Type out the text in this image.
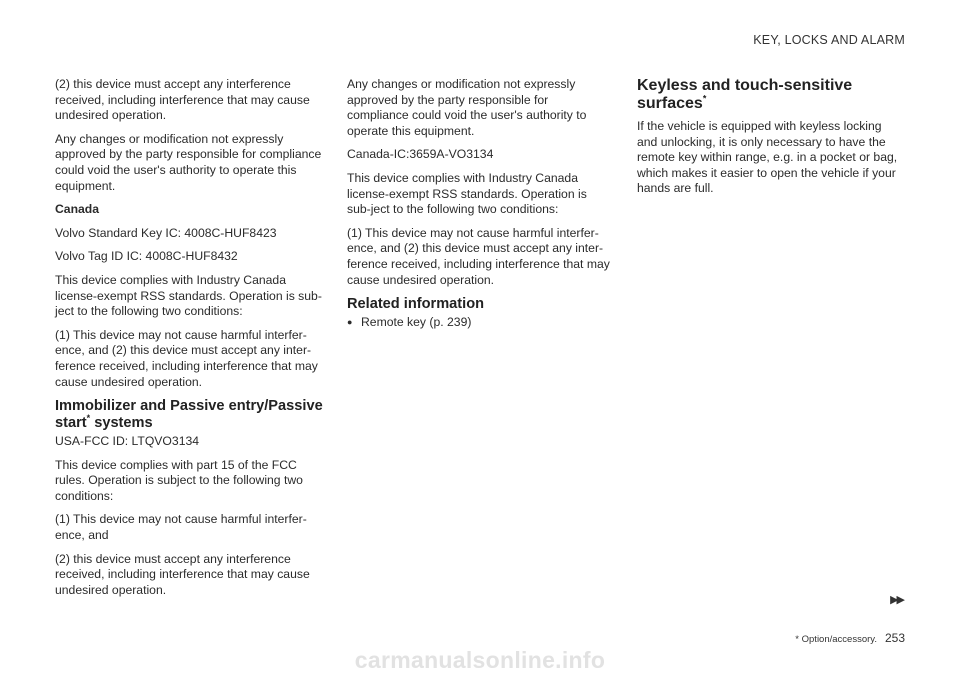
KEY, LOCKS AND ALARM

(2) this device must accept any interference received, including interference that may cause undesired operation.

Any changes or modification not expressly approved by the party responsible for compliance could void the user's authority to operate this equipment.

Canada

Volvo Standard Key IC: 4008C-HUF8423

Volvo Tag ID IC: 4008C-HUF8432

This device complies with Industry Canada license-exempt RSS standards. Operation is sub-ject to the following two conditions:

(1) This device may not cause harmful interfer-ence, and (2) this device must accept any inter-ference received, including interference that may cause undesired operation.

Immobilizer and Passive entry/Passive start* systems

USA-FCC ID: LTQVO3134

This device complies with part 15 of the FCC rules. Operation is subject to the following two conditions:

(1) This device may not cause harmful interfer-ence, and

(2) this device must accept any interference received, including interference that may cause undesired operation.

Any changes or modification not expressly approved by the party responsible for compliance could void the user's authority to operate this equipment.

Canada-IC:3659A-VO3134

This device complies with Industry Canada license-exempt RSS standards. Operation is sub-ject to the following two conditions:

(1) This device may not cause harmful interfer-ence, and (2) this device must accept any inter-ference received, including interference that may cause undesired operation.

Related information
● Remote key (p. 239)
Keyless and touch-sensitive surfaces*

If the vehicle is equipped with keyless locking and unlocking, it is only necessary to have the remote key within range, e.g. in a pocket or bag, which makes it easier to open the vehicle if your hands are full.

▶▶
* Option/accessory. 253
carmanualsonline.info
